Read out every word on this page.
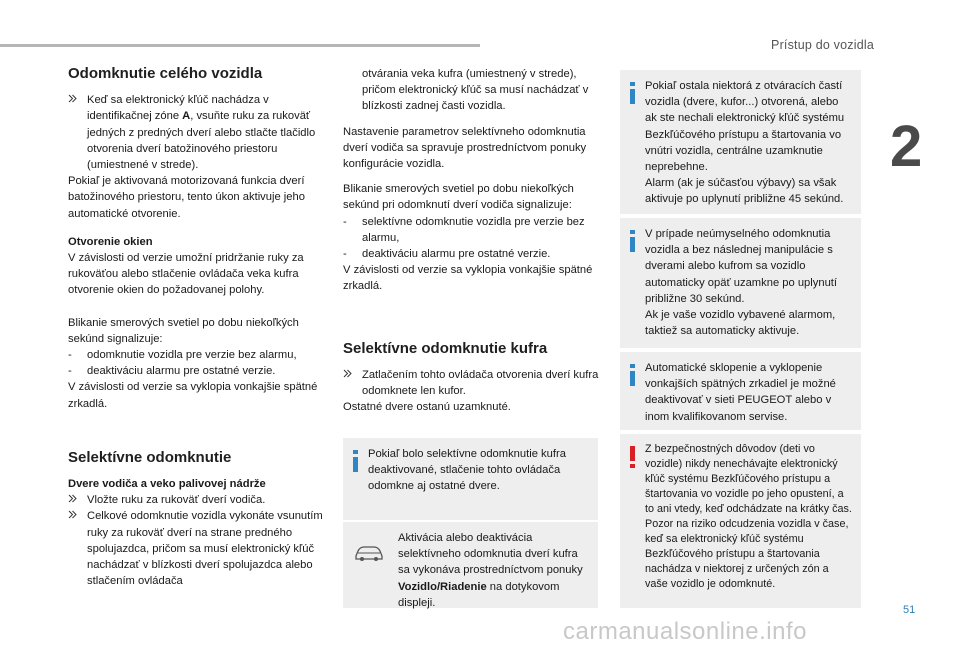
Prístup do vozidla
2
Odomknutie celého vozidla
Keď sa elektronický kľúč nachádza v identifikačnej zóne A, vsuňte ruku za rukoväť jedných z predných dverí alebo stlačte tlačidlo otvorenia dverí batožinového priestoru (umiestnené v strede).

Pokiaľ je aktivovaná motorizovaná funkcia dverí batožinového priestoru, tento úkon aktivuje jeho automatické otvorenie.

Otvorenie okien

V závislosti od verzie umožní pridržanie ruky za rukoväťou alebo stlačenie ovládača veka kufra otvorenie okien do požadovanej polohy.

Blikanie smerových svetiel po dobu niekoľkých sekúnd signalizuje:

-	odomknutie vozidla pre verzie bez alarmu,
-	deaktiváciu alarmu pre ostatné verzie.

V závislosti od verzie sa vyklopia vonkajšie spätné zrkadlá.

Selektívne odomknutie

Dvere vodiča a veko palivovej nádrže

Vložte ruku za rukoväť dverí vodiča.
Celkové odomknutie vozidla vykonáte vsunutím ruky za rukoväť dverí na strane predného spolujazdca, pričom sa musí elektronický kľúč nachádzať v blízkosti dverí spolujazdca alebo stlačením ovládača

otvárania veka kufra (umiestnený v strede), pričom elektronický kľúč sa musí nachádzať v blízkosti zadnej časti vozidla.

Nastavenie parametrov selektívneho odomknutia dverí vodiča sa spravuje prostredníctvom ponuky konfigurácie vozidla.

Blikanie smerových svetiel po dobu niekoľkých sekúnd pri odomknutí dverí vodiča signalizuje:

-	selektívne odomknutie vozidla pre verzie bez alarmu,
-	deaktiváciu alarmu pre ostatné verzie.

V závislosti od verzie sa vyklopia vonkajšie spätné zrkadlá.

Selektívne odomknutie kufra
Zatlačením tohto ovládača otvorenia dverí kufra odomknete len kufor.

Ostatné dvere ostanú uzamknuté.

Pokiaľ bolo selektívne odomknutie kufra deaktivované, stlačenie tohto ovládača odomkne aj ostatné dvere.
Aktivácia alebo deaktivácia selektívneho odomknutia dverí kufra sa vykonáva prostredníctvom ponuky Vozidlo/Riadenie na dotykovom displeji.
Pokiaľ ostala niektorá z otváracích častí vozidla (dvere, kufor...) otvorená, alebo ak ste nechali elektronický kľúč systému Bezkľúčového prístupu a štartovania vo vnútri vozidla, centrálne uzamknutie neprebehne.
Alarm (ak je súčasťou výbavy) sa však aktivuje po uplynutí približne 45 sekúnd.
V prípade neúmyselného odomknutia vozidla a bez následnej manipulácie s dverami alebo kufrom sa vozidlo automaticky opäť uzamkne po uplynutí približne 30 sekúnd.
Ak je vaše vozidlo vybavené alarmom, taktiež sa automaticky aktivuje.
Automatické sklopenie a vyklopenie vonkajších spätných zrkadiel je možné deaktivovať v sieti PEUGEOT alebo v inom kvalifikovanom servise.
Z bezpečnostných dôvodov (deti vo vozidle) nikdy nenechávajte elektronický kľúč systému Bezkľúčového prístupu a štartovania vo vozidle po jeho opustení, a to ani vtedy, keď odchádzate na krátky čas.
Pozor na riziko odcudzenia vozidla v čase, keď sa elektronický kľúč systému Bezkľúčového prístupu a štartovania nachádza v niektorej z určených zón a vaše vozidlo je odomknuté.
51
carmanualsonline.info
